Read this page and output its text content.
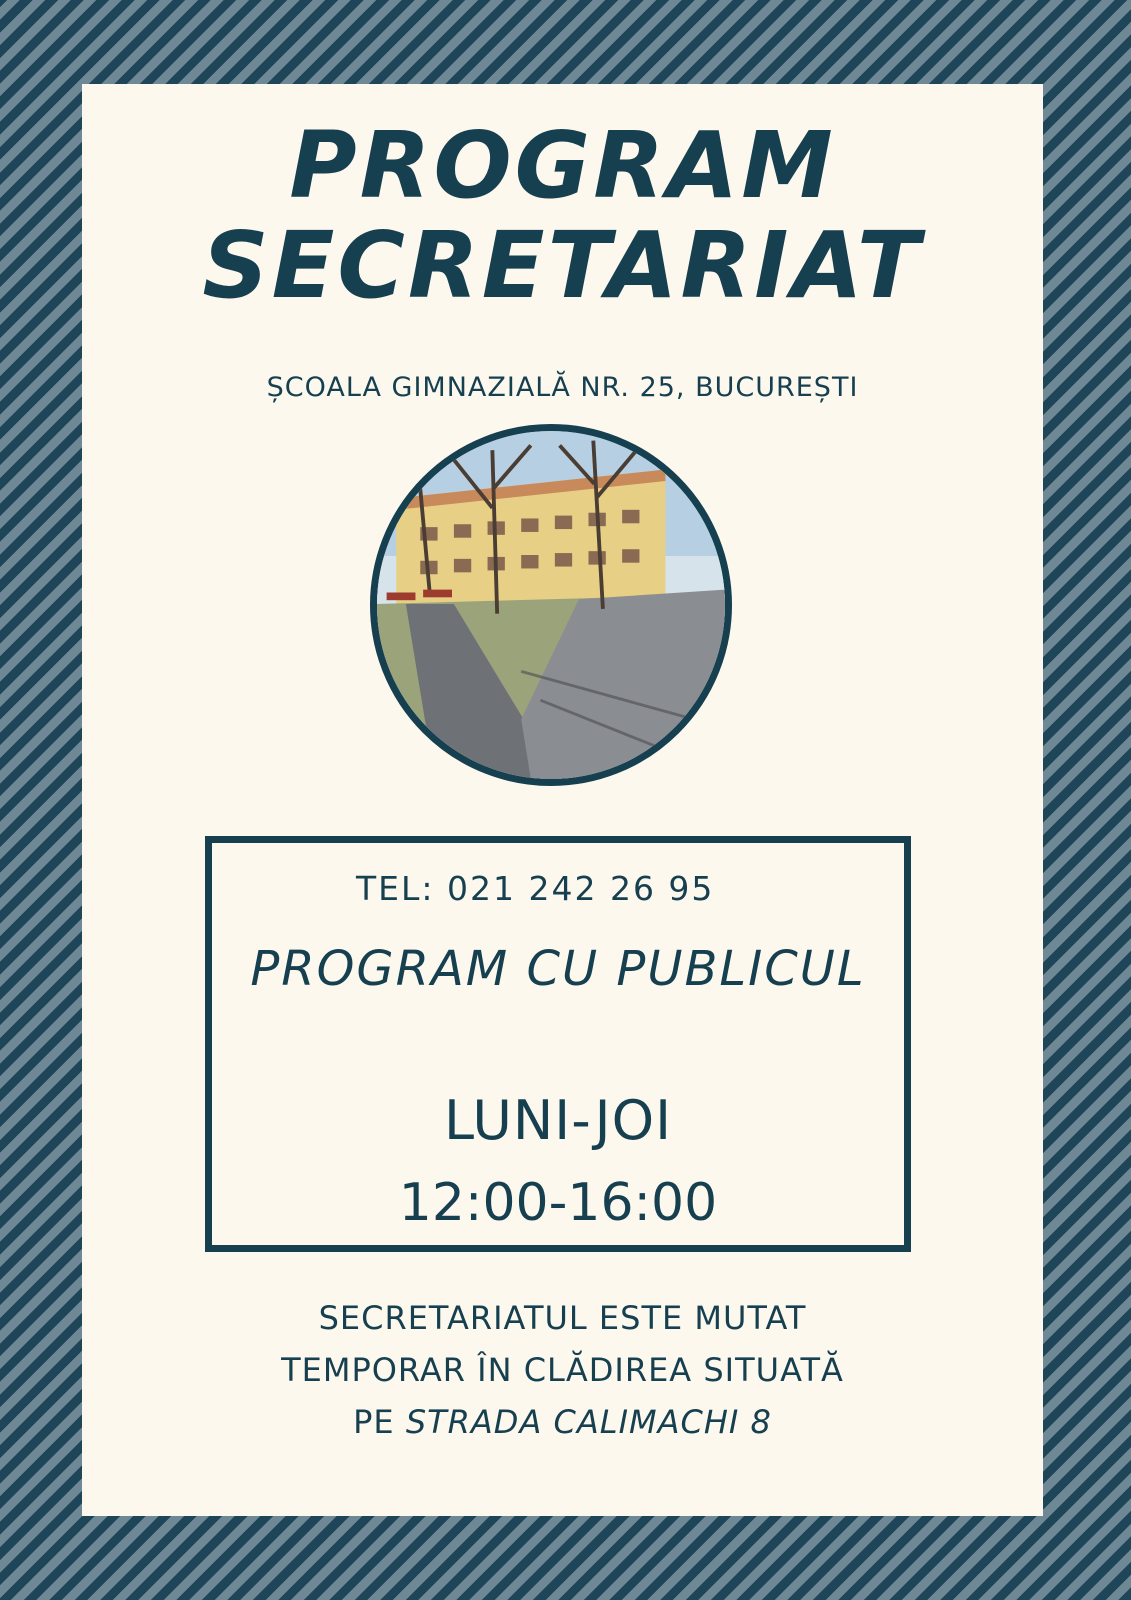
PROGRAM
SECRETARIAT
ȘCOALA GIMNAZIALĂ NR. 25, BUCUREȘTI
TEL: 021 242 26 95
PROGRAM CU PUBLICUL
LUNI-JOI
12:00-16:00
SECRETARIATUL ESTE MUTAT
TEMPORAR ÎN CLĂDIREA SITUATĂ
PE STRADA CALIMACHI 8
